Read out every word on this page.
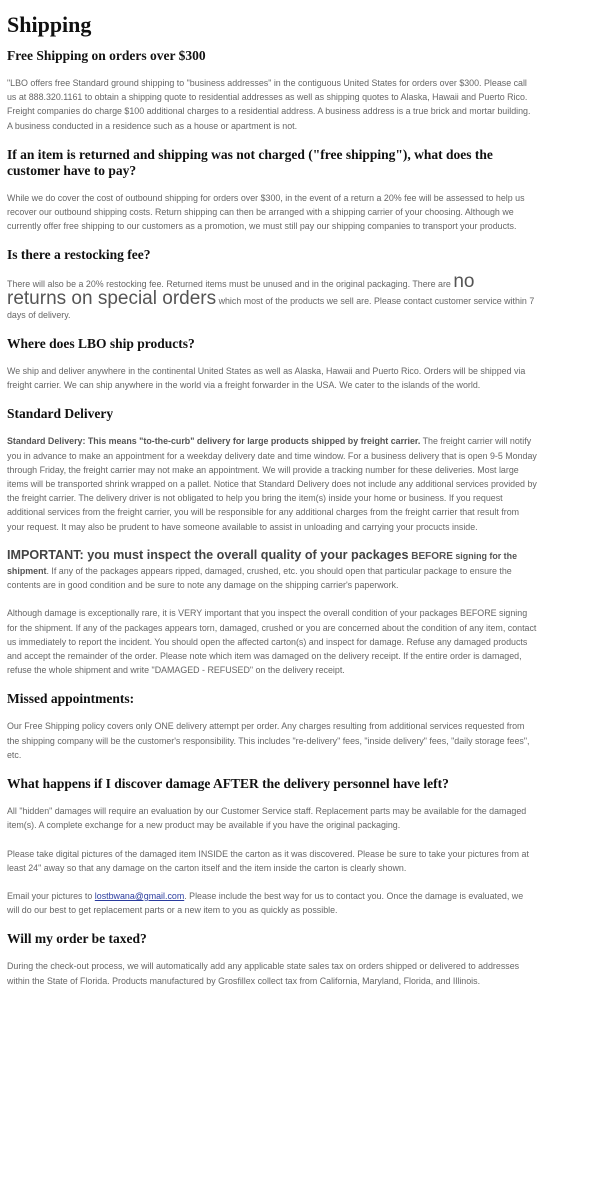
Shipping
Free Shipping on orders over $300

"LBO offers free Standard ground shipping to "business addresses" in the contiguous United States for orders over $300. Please call us at 888.320.1161 to obtain a shipping quote to residential addresses as well as shipping quotes to Alaska, Hawaii and Puerto Rico. Freight companies do charge $100 additional charges to a residential address. A business address is a true brick and mortar building. A business conducted in a residence such as a house or apartment is not.

If an item is returned and shipping was not charged ("free shipping"), what does the customer have to pay?

While we do cover the cost of outbound shipping for orders over $300, in the event of a return a 20% fee will be assessed to help us recover our outbound shipping costs. Return shipping can then be arranged with a shipping carrier of your choosing. Although we currently offer free shipping to our customers as a promotion, we must still pay our shipping companies to transport your products.

Is there a restocking fee?

There will also be a 20% restocking fee. Returned items must be unused and in the original packaging. There are no returns on special orders which most of the products we sell are. Please contact customer service within 7 days of delivery.

Where does LBO ship products?

We ship and deliver anywhere in the continental United States as well as Alaska, Hawaii and Puerto Rico. Orders will be shipped via freight carrier. We can ship anywhere in the world via a freight forwarder in the USA. We cater to the islands of the world.

Standard Delivery

Standard Delivery: This means "to-the-curb" delivery for large products shipped by freight carrier. The freight carrier will notify you in advance to make an appointment for a weekday delivery date and time window. For a business delivery that is open 9-5 Monday through Friday, the freight carrier may not make an appointment. We will provide a tracking number for these deliveries. Most large items will be transported shrink wrapped on a pallet. Notice that Standard Delivery does not include any additional services provided by the freight carrier. The delivery driver is not obligated to help you bring the item(s) inside your home or business. If you request additional services from the freight carrier, you will be responsible for any additional charges from the freight carrier that result from your request. It may also be prudent to have someone available to assist in unloading and carrying your procucts inside.

IMPORTANT: you must inspect the overall quality of your packages BEFORE signing for the shipment. If any of the packages appears ripped, damaged, crushed, etc. you should open that particular package to ensure the contents are in good condition and be sure to note any damage on the shipping carrier's paperwork.

Although damage is exceptionally rare, it is VERY important that you inspect the overall condition of your packages BEFORE signing for the shipment. If any of the packages appears torn, damaged, crushed or you are concerned about the condition of any item, contact us immediately to report the incident. You should open the affected carton(s) and inspect for damage. Refuse any damaged products and accept the remainder of the order. Please note which item was damaged on the delivery receipt. If the entire order is damaged, refuse the whole shipment and write "DAMAGED - REFUSED" on the delivery receipt.

Missed appointments:

Our Free Shipping policy covers only ONE delivery attempt per order. Any charges resulting from additional services requested from the shipping company will be the customer's responsibility. This includes "re-delivery" fees, "inside delivery" fees, "daily storage fees", etc.

What happens if I discover damage AFTER the delivery personnel have left?

All "hidden" damages will require an evaluation by our Customer Service staff. Replacement parts may be available for the damaged item(s). A complete exchange for a new product may be available if you have the original packaging.

Please take digital pictures of the damaged item INSIDE the carton as it was discovered. Please be sure to take your pictures from at least 24" away so that any damage on the carton itself and the item inside the carton is clearly shown.

Email your pictures to lostbwana@gmail.com. Please include the best way for us to contact you. Once the damage is evaluated, we will do our best to get replacement parts or a new item to you as quickly as possible.

Will my order be taxed?

During the check-out process, we will automatically add any applicable state sales tax on orders shipped or delivered to addresses within the State of Florida. Products manufactured by Grosfillex collect tax from California, Maryland, Florida, and Illinois.
